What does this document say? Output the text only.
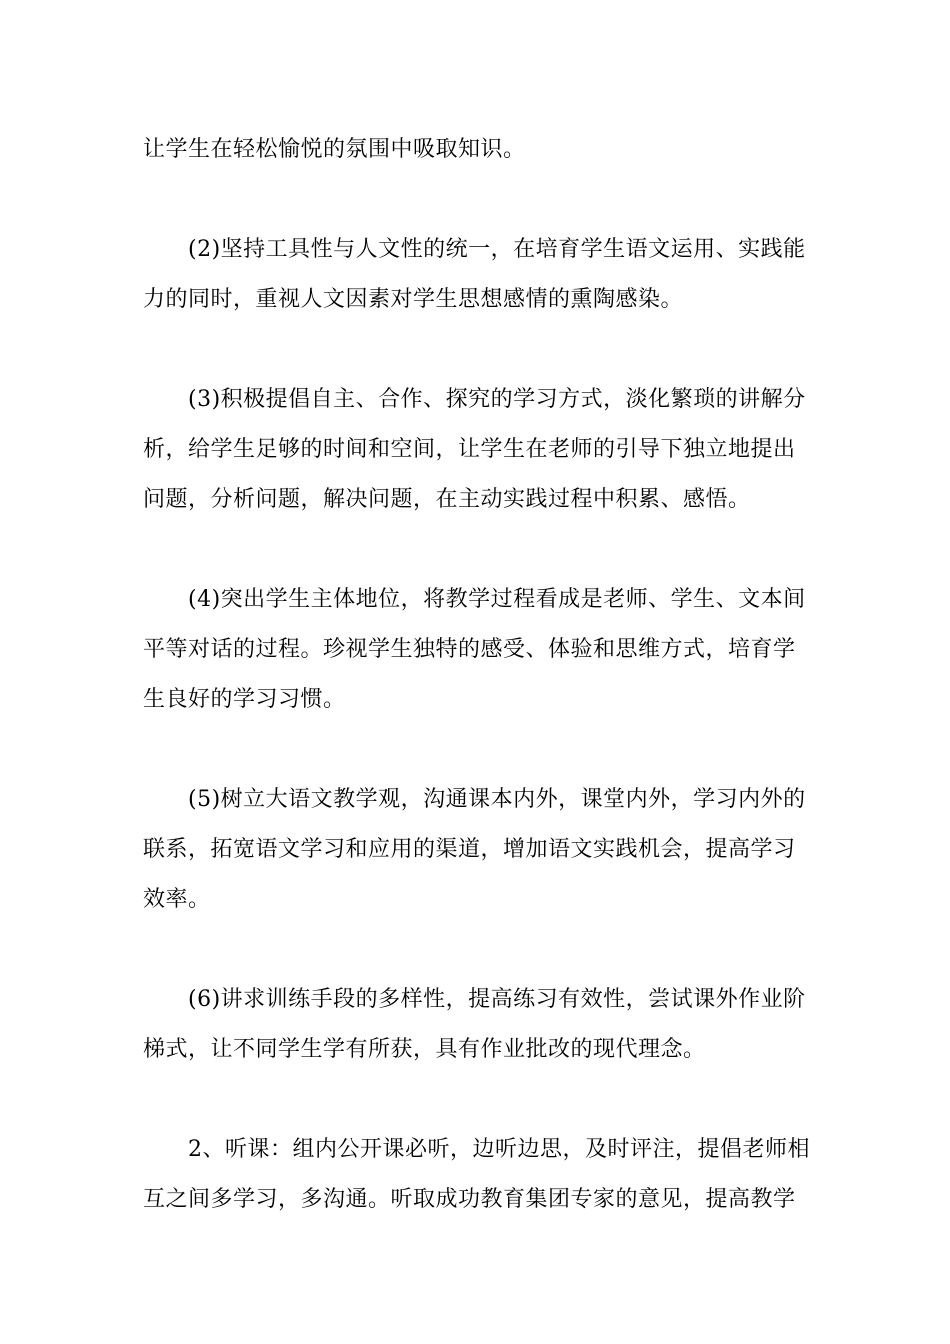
让学生在轻松愉悦的氛围中吸取知识。
(2)坚持工具性与人文性的统一，在培育学生语文运用、实践能
力的同时，重视人文因素对学生思想感情的熏陶感染。
(3)积极提倡自主、合作、探究的学习方式，淡化繁琐的讲解分
析，给学生足够的时间和空间，让学生在老师的引导下独立地提出
问题，分析问题，解决问题，在主动实践过程中积累、感悟。
(4)突出学生主体地位，将教学过程看成是老师、学生、文本间
平等对话的过程。珍视学生独特的感受、体验和思维方式，培育学
生良好的学习习惯。
(5)树立大语文教学观，沟通课本内外，课堂内外，学习内外的
联系，拓宽语文学习和应用的渠道，增加语文实践机会，提高学习
效率。
(6)讲求训练手段的多样性，提高练习有效性，尝试课外作业阶
梯式，让不同学生学有所获，具有作业批改的现代理念。
2、听课：组内公开课必听，边听边思，及时评注，提倡老师相
互之间多学习，多沟通。听取成功教育集团专家的意见，提高教学
